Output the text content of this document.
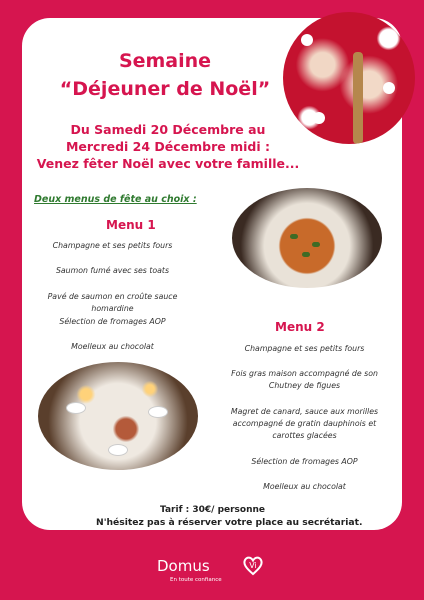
Semaine
“Déjeuner de Noël”
Du Samedi 20 Décembre au
Mercredi 24 Décembre midi :
Venez fêter Noël avec votre famille...
Deux menus de fête au choix :
Menu 1
Champagne et ses petits fours
Saumon fumé avec ses toats
Pavé de saumon en croûte sauce homardine
Sélection de fromages AOP
Moelleux au chocolat
Menu 2
Champagne et ses petits fours
Fois gras maison accompagné de son
Chutney de figues
Magret de canard, sauce aux morilles
accompagné de gratin dauphinois et
carottes glacées
Sélection de fromages AOP
Moelleux au chocolat
Tarif : 30€/ personne
N'hésitez pas à réserver votre place au secrétariat.
Domus	Vi
En toute confiance
